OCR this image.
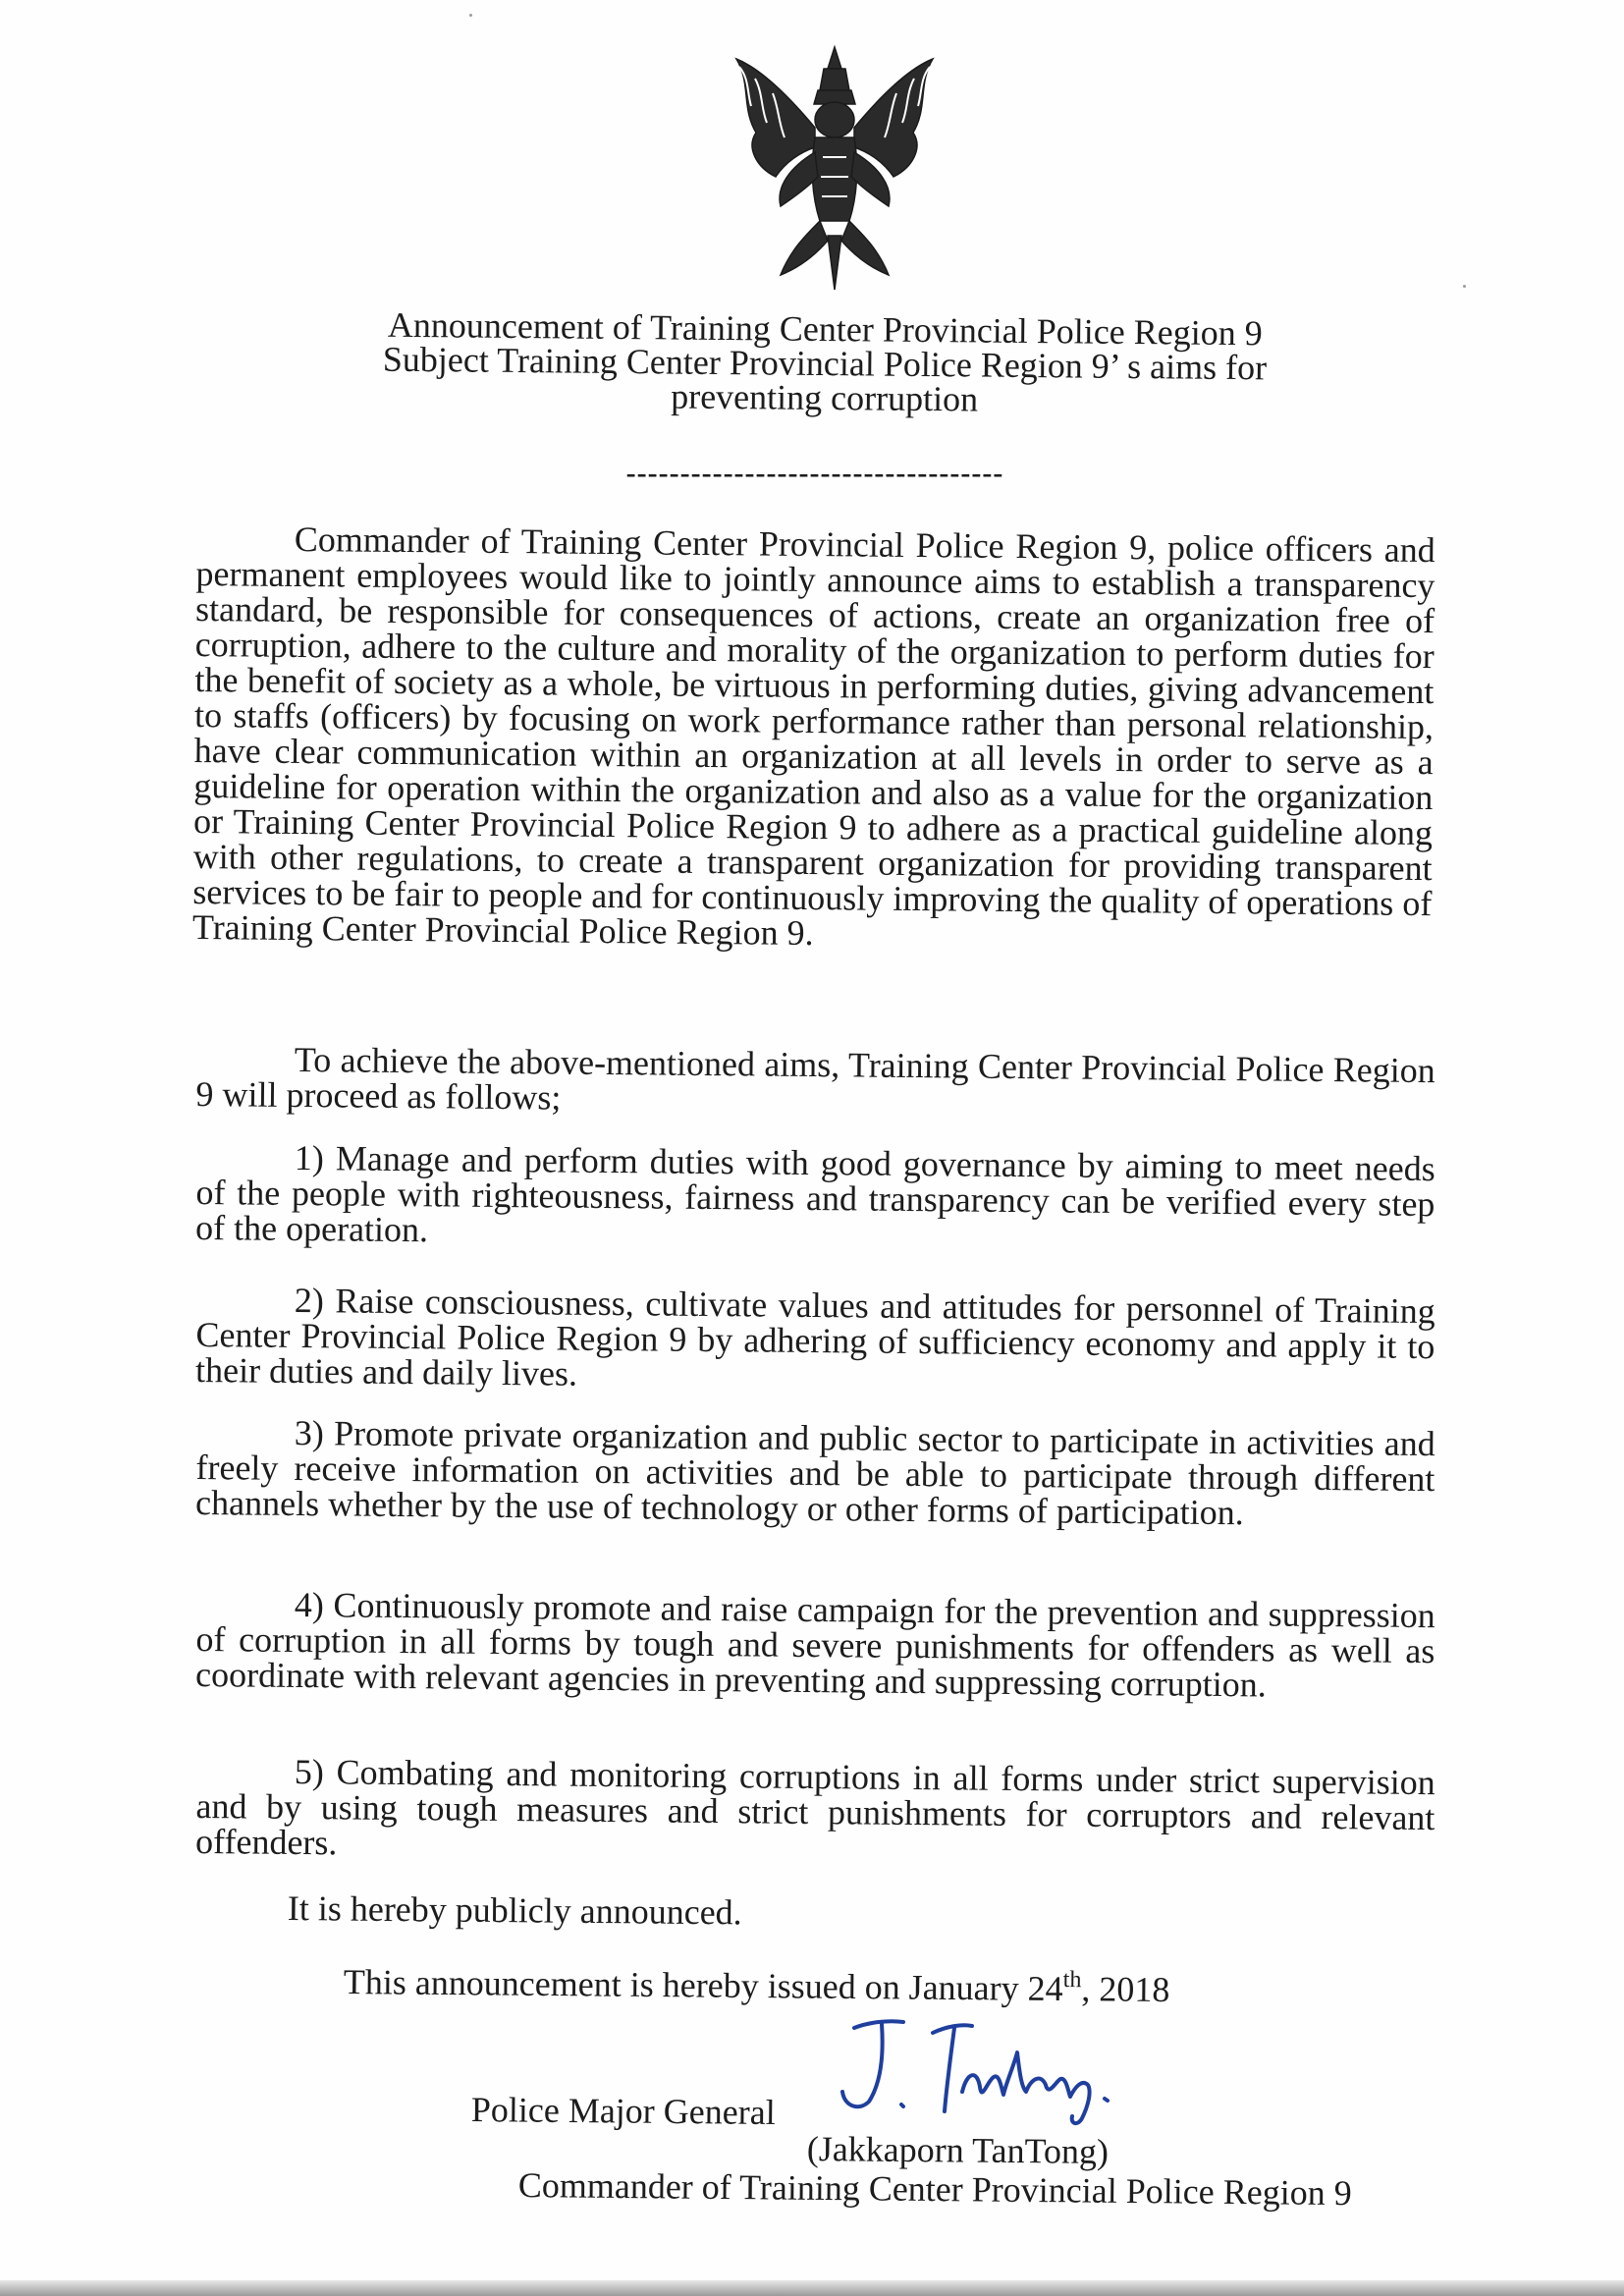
Announcement of Training Center Provincial Police Region 9
Subject Training Center Provincial Police Region 9’ s aims for
preventing corruption
-----------------------------------

Commander of Training Center Provincial Police Region 9, police officers and permanent employees would like to jointly announce aims to establish a transparency standard, be responsible for consequences of actions, create an organization free of corruption, adhere to the culture and morality of the organization to perform duties for the benefit of society as a whole, be virtuous in performing duties, giving advancement to staffs (officers) by focusing on work performance rather than personal relationship, have clear communication within an organization at all levels in order to serve as a guideline for operation within the organization and also as a value for the organization or Training Center Provincial Police Region 9 to adhere as a practical guideline along with other regulations, to create a transparent organization for providing transparent services to be fair to people and for continuously improving the quality of operations of Training Center Provincial Police Region 9.

To achieve the above-mentioned aims, Training Center Provincial Police Region 9 will proceed as follows;

1) Manage and perform duties with good governance by aiming to meet needs of the people with righteousness, fairness and transparency can be verified every step of the operation.

2) Raise consciousness, cultivate values and attitudes for personnel of Training Center Provincial Police Region 9 by adhering of sufficiency economy and apply it to their duties and daily lives.

3) Promote private organization and public sector to participate in activities and freely receive information on activities and be able to participate through different channels whether by the use of technology or other forms of participation.

4) Continuously promote and raise campaign for the prevention and suppression of corruption in all forms by tough and severe punishments for offenders as well as coordinate with relevant agencies in preventing and suppressing corruption.

5) Combating and monitoring corruptions in all forms under strict supervision and by using tough measures and strict punishments for corruptors and relevant offenders.

It is hereby publicly announced.
This announcement is hereby issued on January 24th, 2018
Police Major General
(Jakkaporn TanTong)
Commander of Training Center Provincial Police Region 9
